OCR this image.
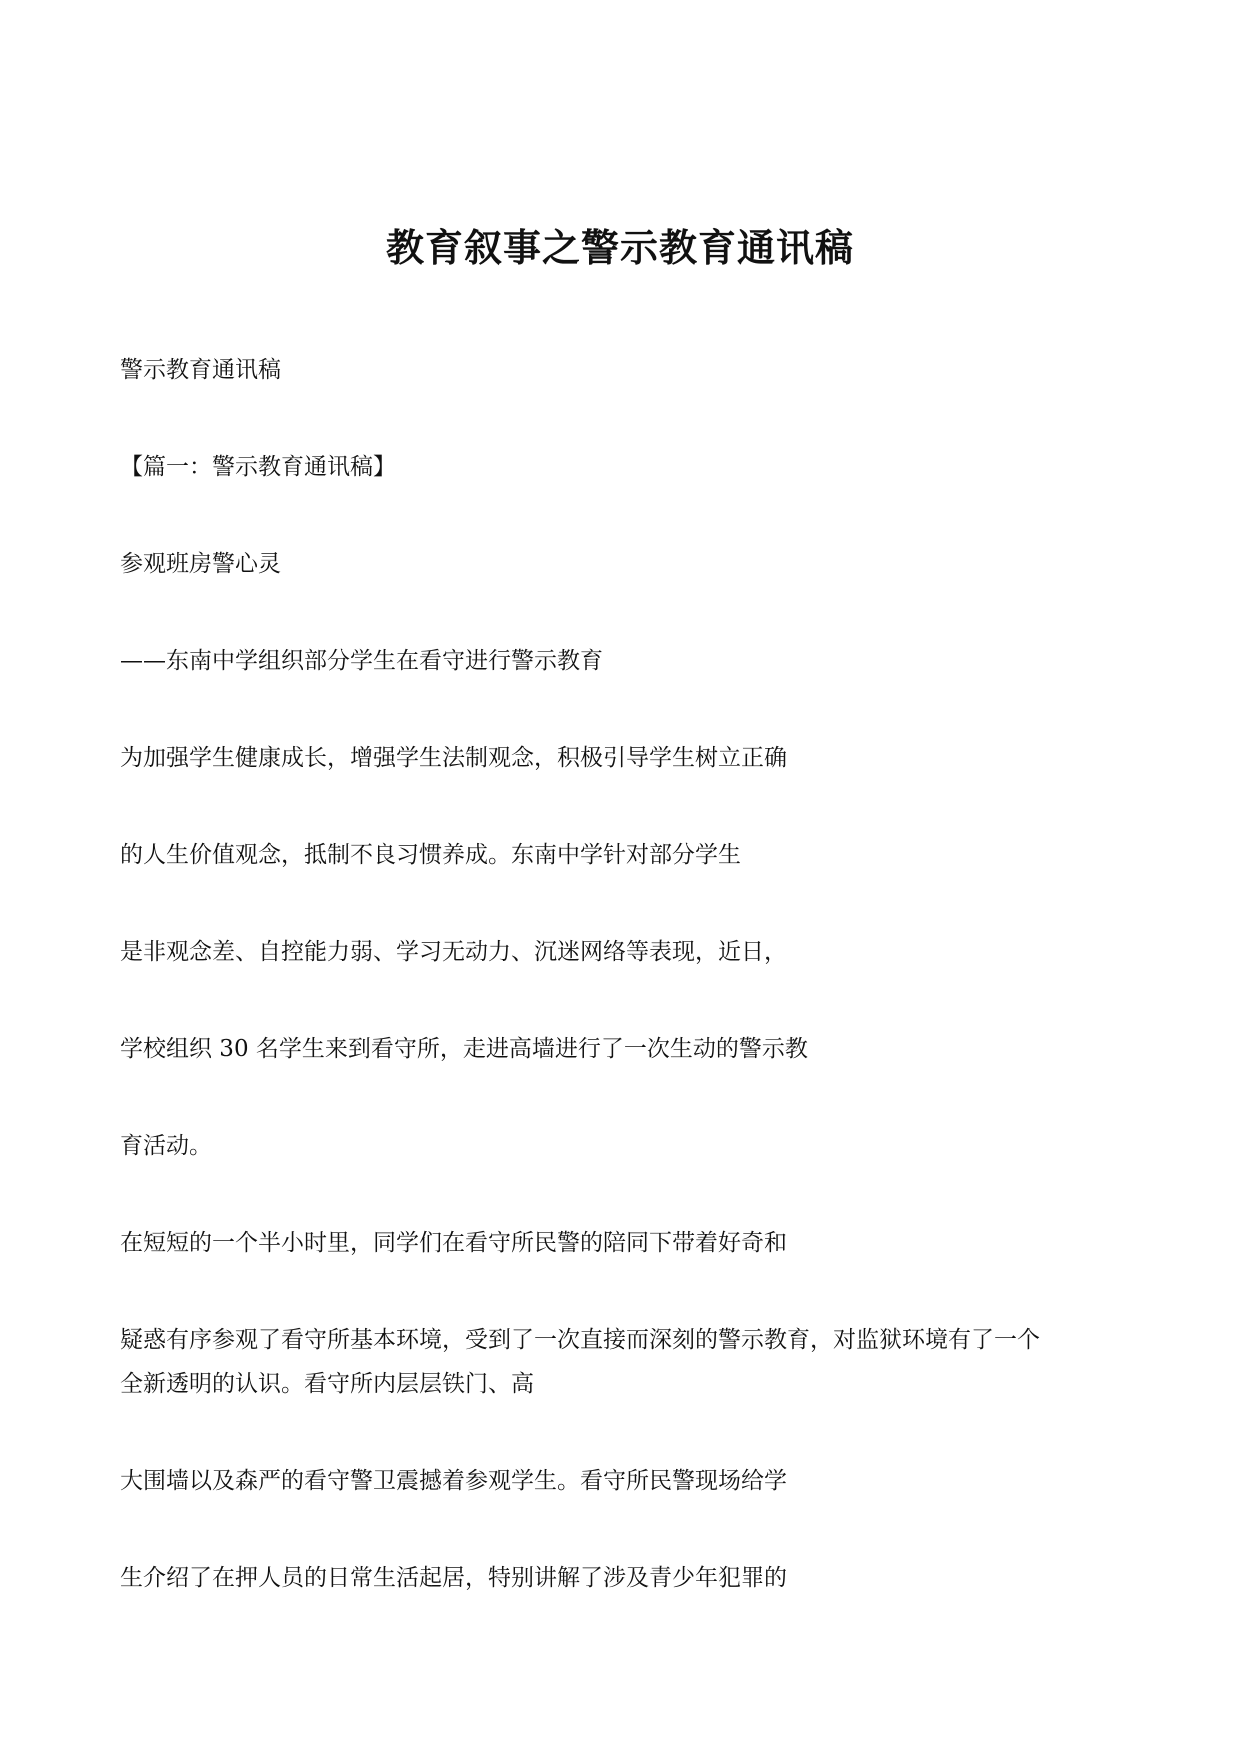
教育叙事之警示教育通讯稿

警示教育通讯稿

【篇一：警示教育通讯稿】

参观班房警心灵

——东南中学组织部分学生在看守进行警示教育

为加强学生健康成长，增强学生法制观念，积极引导学生树立正确

的人生价值观念，抵制不良习惯养成。东南中学针对部分学生

是非观念差、自控能力弱、学习无动力、沉迷网络等表现，近日，

学校组织 30 名学生来到看守所，走进高墙进行了一次生动的警示教

育活动。

在短短的一个半小时里，同学们在看守所民警的陪同下带着好奇和

疑惑有序参观了看守所基本环境，受到了一次直接而深刻的警示教育，对监狱环境有了一个

全新透明的认识。看守所内层层铁门、高

大围墙以及森严的看守警卫震撼着参观学生。看守所民警现场给学

生介绍了在押人员的日常生活起居，特别讲解了涉及青少年犯罪的
